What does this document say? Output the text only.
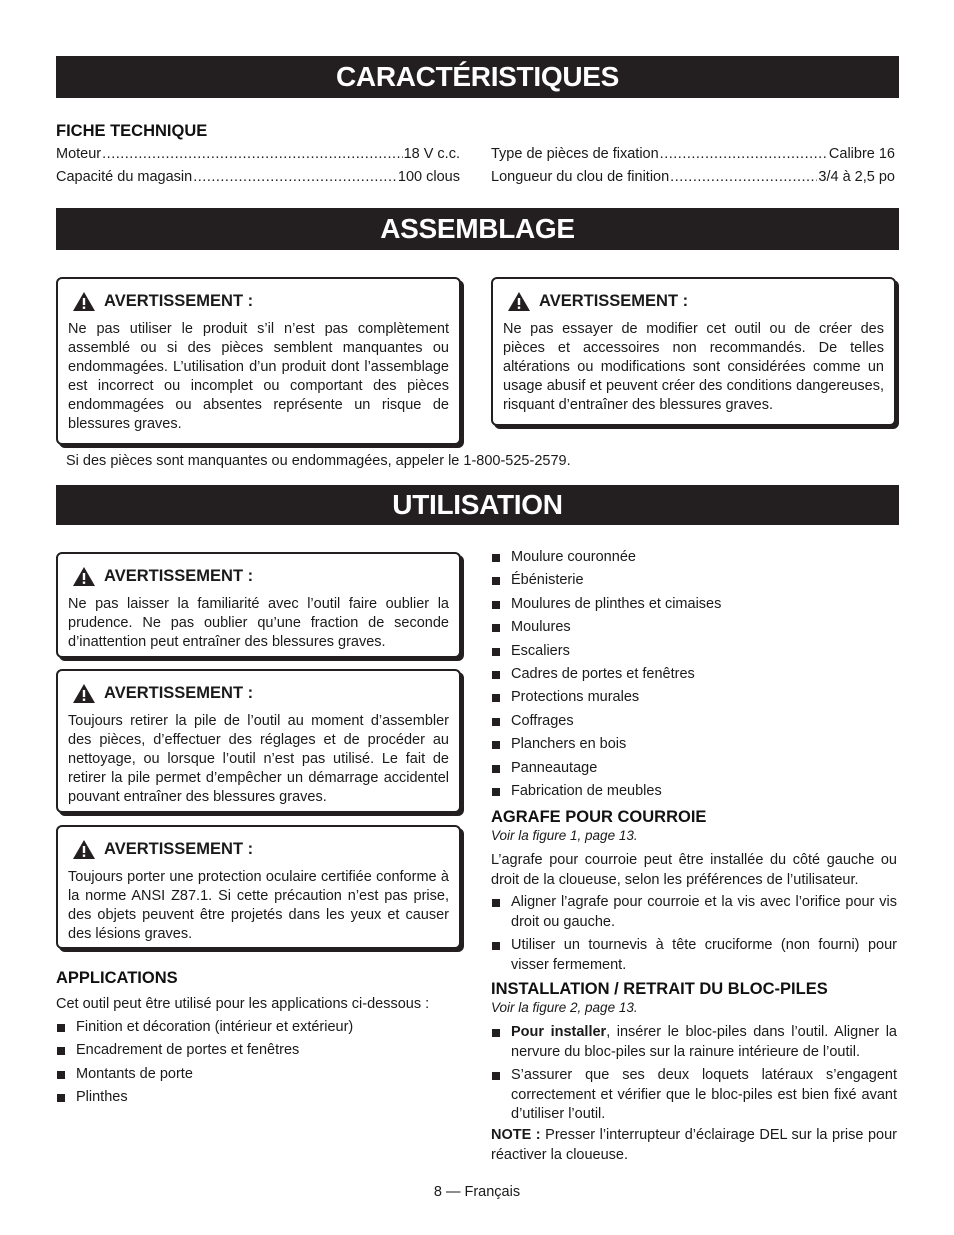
CARACTÉRISTIQUES
ASSEMBLAGE
UTILISATION
FICHE TECHNIQUE
Moteur .....	18 V c.c.
Capacité du magasin .....	100 clous
Type de pièces de fixation .....	Calibre 16
Longueur du clou de finition .....	3/4 à 2,5 po
AVERTISSEMENT :
Ne pas utiliser le produit s’il n’est pas complètement assemblé ou si des pièces semblent manquantes ou endommagées. L’utilisation d’un produit dont l’assemblage est incorrect ou incomplet ou comportant des pièces endommagées ou absentes représente un risque de blessures graves.
AVERTISSEMENT :
Ne pas essayer de modifier cet outil ou de créer des pièces et accessoires non recommandés. De telles altérations ou modifications sont considérées comme un usage abusif et peuvent créer des conditions dangereuses, risquant d’entraîner des blessures graves.
Si des pièces sont manquantes ou endommagées, appeler le 1-800-525-2579.
AVERTISSEMENT :
Ne pas laisser la familiarité avec l’outil faire oublier la prudence. Ne pas oublier qu’une fraction de seconde d’inattention peut entraîner des blessures graves.
AVERTISSEMENT :
Toujours retirer la pile de l’outil au moment d’assembler des pièces, d’effectuer des réglages et de procéder au nettoyage, ou lorsque l’outil n’est pas utilisé. Le fait de retirer la pile permet d’empêcher un démarrage accidentel pouvant entraîner des blessures graves.
AVERTISSEMENT :
Toujours porter une protection oculaire certifiée conforme à la norme ANSI Z87.1. Si cette précaution n’est pas prise, des objets peuvent être projetés dans les yeux et causer des lésions graves.
APPLICATIONS
Cet outil peut être utilisé pour les applications ci-dessous :
Finition et décoration (intérieur et extérieur)
Encadrement de portes et fenêtres
Montants de porte
Plinthes
Moulure couronnée
Ébénisterie
Moulures de plinthes et cimaises
Moulures
Escaliers
Cadres de portes et fenêtres
Protections murales
Coffrages
Planchers en bois
Panneautage
Fabrication de meubles
AGRAFE POUR COURROIE
Voir la figure 1, page 13.
L’agrafe pour courroie peut être installée du côté gauche ou droit de la cloueuse, selon les préférences de l’utilisateur.
Aligner l’agrafe pour courroie et la vis avec l’orifice pour vis droit ou gauche.
Utiliser un tournevis à tête cruciforme (non fourni) pour visser fermement.
INSTALLATION / RETRAIT DU BLOC-PILES
Voir la figure 2, page 13.
Pour installer, insérer le bloc-piles dans l’outil. Aligner la nervure du bloc-piles sur la rainure intérieure de l’outil.
S’assurer que ses deux loquets latéraux s’engagent correctement et vérifier que le bloc-piles est bien fixé avant d’utiliser l’outil.
NOTE : Presser l’interrupteur d’éclairage DEL sur la prise pour réactiver la cloueuse.
8 — Français
